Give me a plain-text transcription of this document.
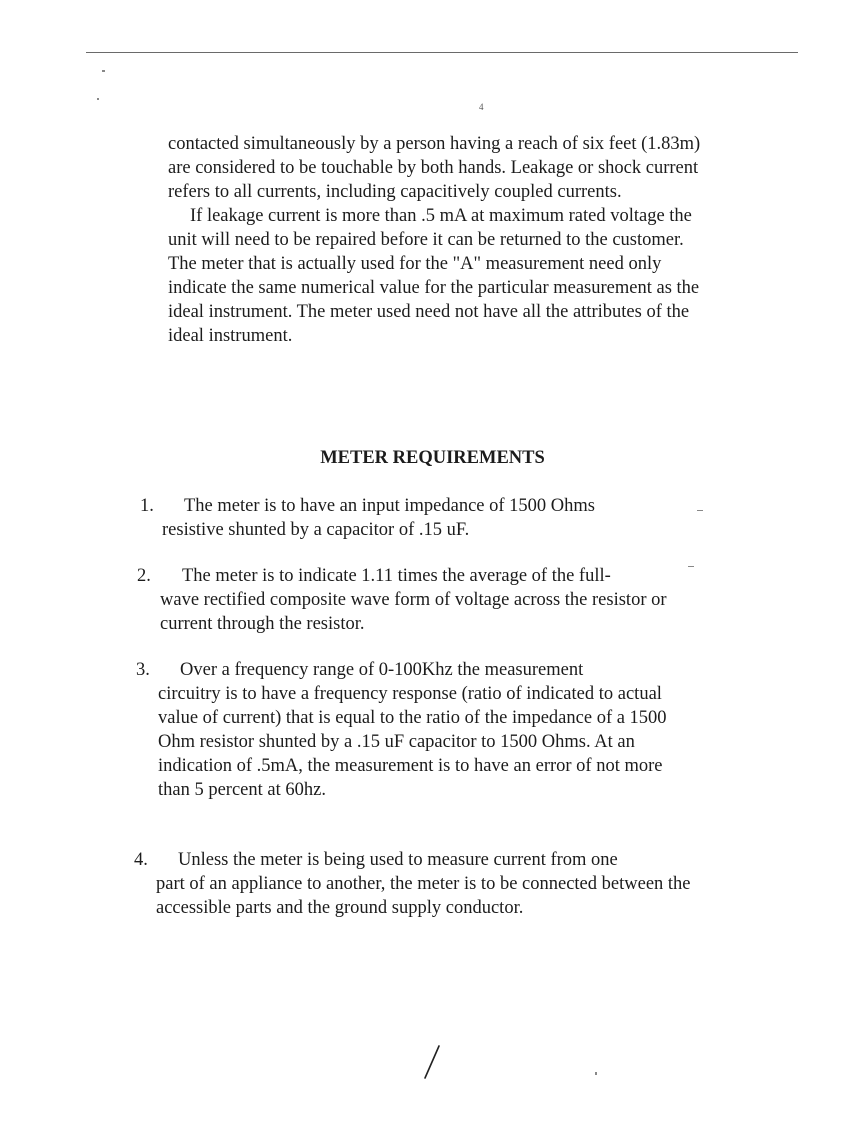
4

contacted simultaneously by a person having a reach of six feet (1.83m) are considered to be touchable by both hands. Leakage or shock current refers to all currents, including capacitively coupled currents.

If leakage current is more than .5 mA at maximum rated voltage the unit will need to be repaired before it can be returned to the customer. The meter that is actually used for the "A" measurement need only indicate the same numerical value for the particular measurement as the ideal instrument. The meter used need not have all the attributes of the ideal instrument.

METER REQUIREMENTS
1.	The meter is to have an input impedance of 1500 Ohms
resistive shunted by a capacitor of .15 uF.
2.	The meter is to indicate 1.11 times the average of the full-
wave rectified composite wave form of voltage across the resistor or current through the resistor.
3.	Over a frequency range of 0-100Khz the measurement
circuitry is to have a frequency response (ratio of indicated to actual value of current) that is equal to the ratio of the impedance of a 1500 Ohm resistor shunted by a .15 uF capacitor to 1500 Ohms. At an indication of .5mA, the measurement is to have an error of not more than 5 percent at 60hz.
4.	Unless the meter is being used to measure current from one
part of an appliance to another, the meter is to be connected between the accessible parts and the ground supply conductor.
